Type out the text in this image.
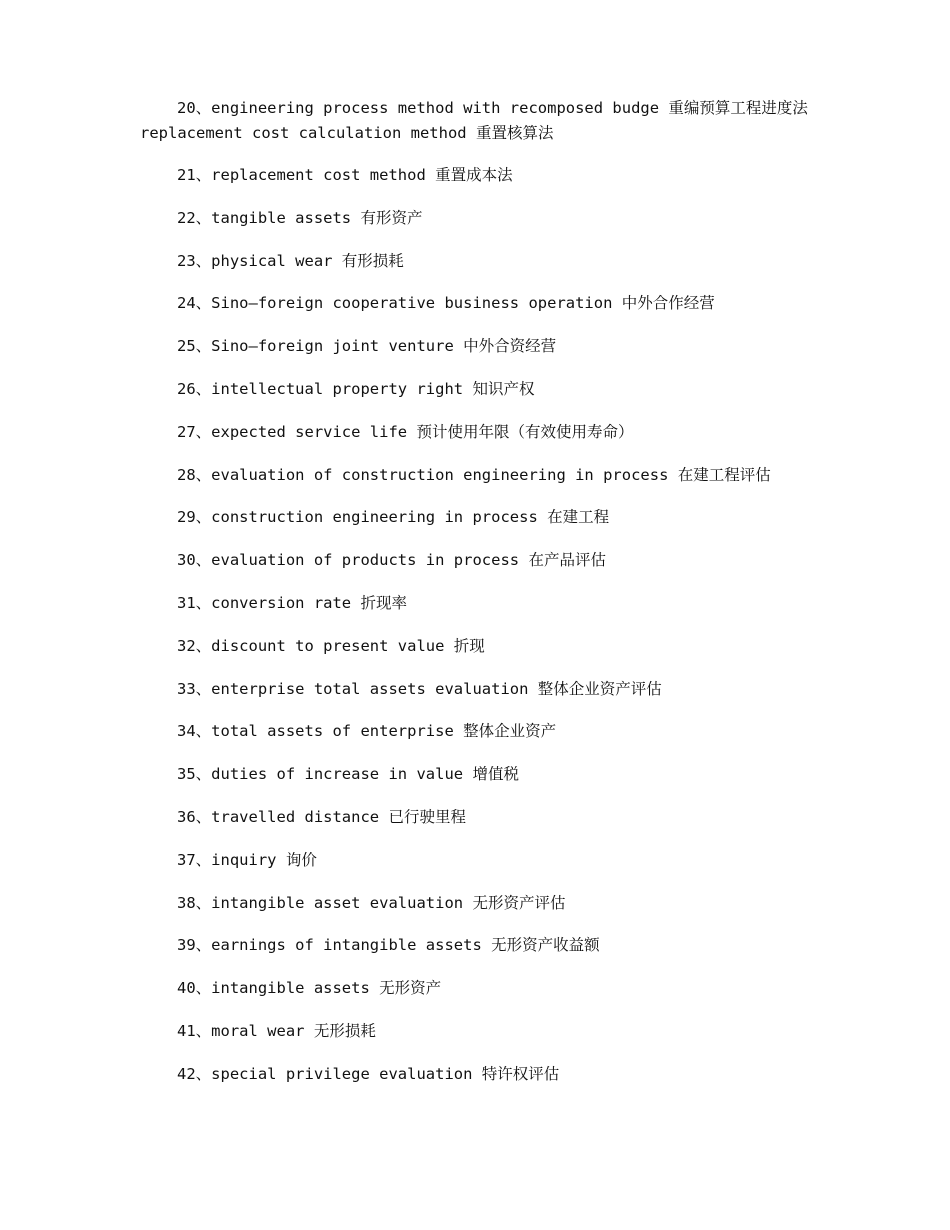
20、engineering process method with recomposed budge 重编预算工程进度法 replacement cost calculation method 重置核算法

21、replacement cost method 重置成本法

22、tangible assets 有形资产

23、physical wear 有形损耗

24、Sino—foreign cooperative business operation 中外合作经营

25、Sino—foreign joint venture 中外合资经营

26、intellectual property right 知识产权

27、expected service life 预计使用年限（有效使用寿命）

28、evaluation of construction engineering in process 在建工程评估

29、construction engineering in process 在建工程

30、evaluation of products in process 在产品评估

31、conversion rate 折现率

32、discount to present value 折现

33、enterprise total assets evaluation 整体企业资产评估

34、total assets of enterprise 整体企业资产

35、duties of increase in value 增值税

36、travelled distance 已行驶里程

37、inquiry 询价

38、intangible asset evaluation 无形资产评估

39、earnings of intangible assets 无形资产收益额

40、intangible assets 无形资产

41、moral wear 无形损耗

42、special privilege evaluation 特许权评估
